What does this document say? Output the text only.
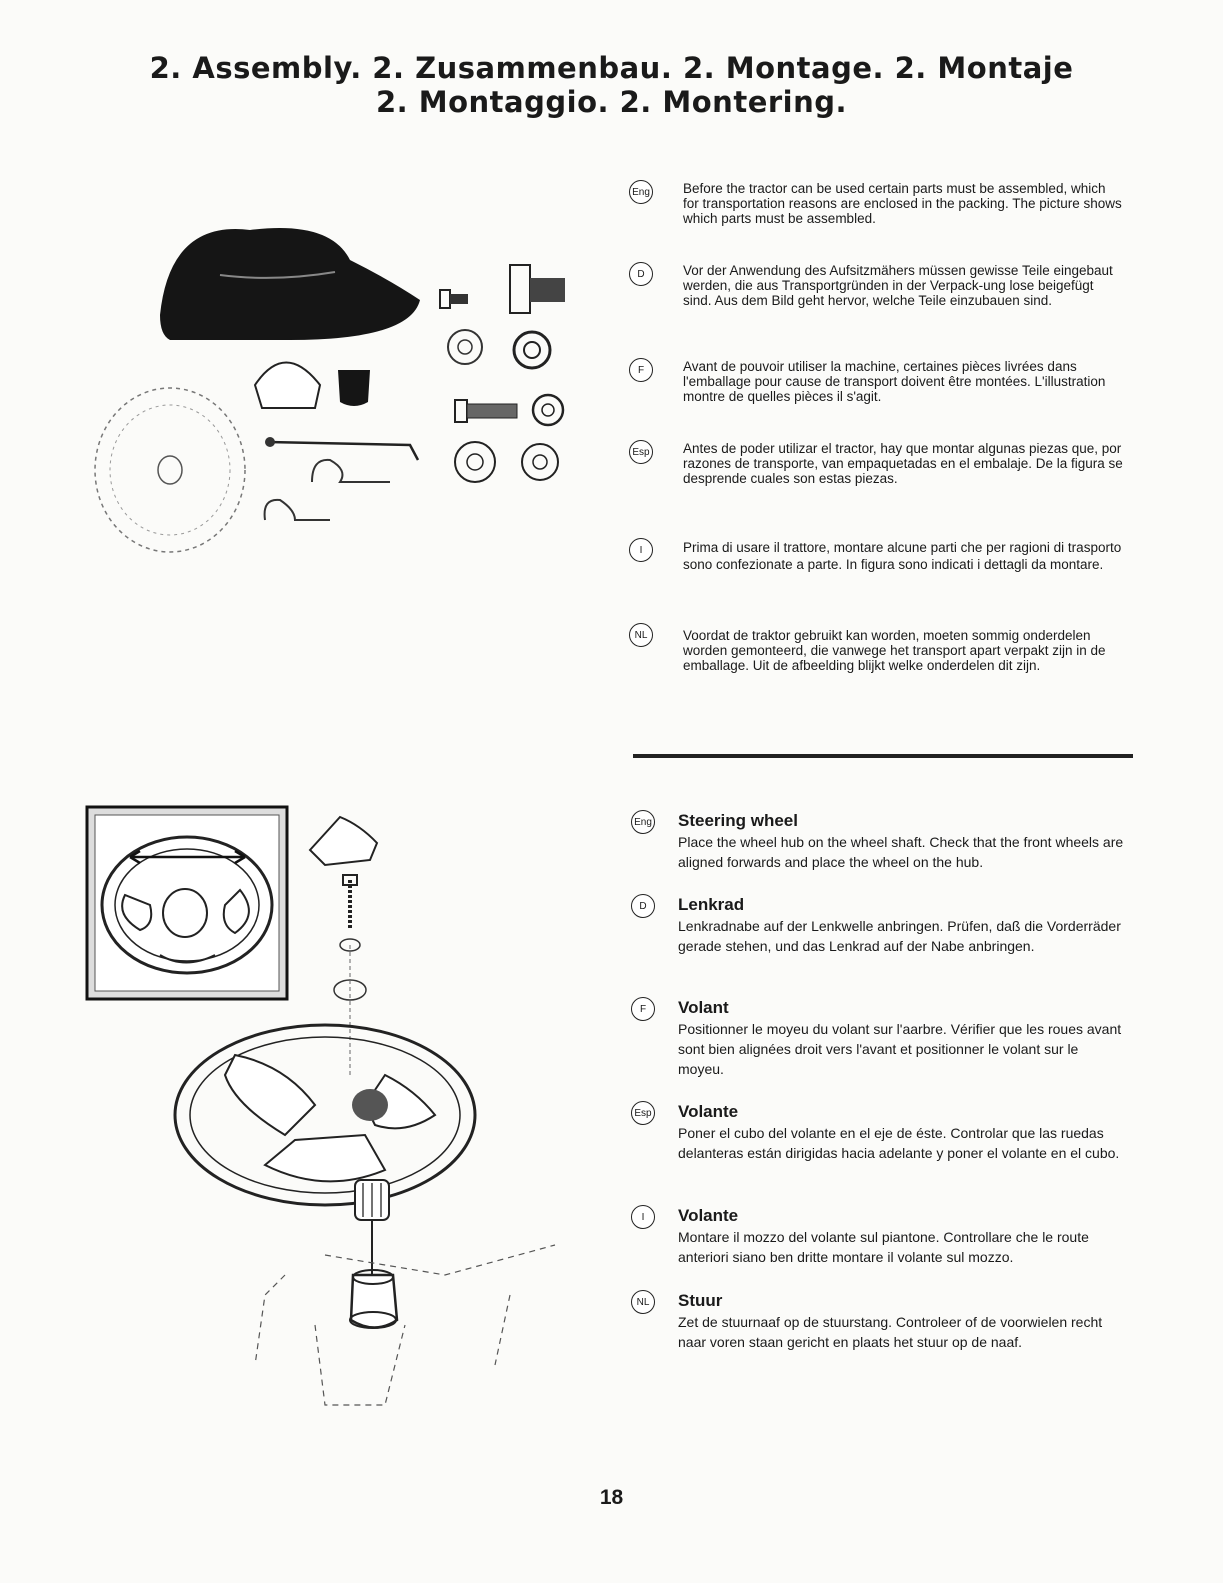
2. Assembly. 2. Zusammenbau. 2. Montage. 2. Montaje
2. Montaggio. 2. Montering.
Eng Before the tractor can be used certain parts must be assembled, which for transportation reasons are enclosed in the packing. The picture shows which parts must be assembled.
D	Vor der Anwendung des Aufsitzmähers müssen gewisse Teile eingebaut werden, die aus Transportgründen in der Verpack-ung lose beigefügt sind. Aus dem Bild geht hervor, welche Teile einzubauen sind.
F	Avant de pouvoir utiliser la machine, certaines pièces livrées dans l'emballage pour cause de transport doivent être montées. L'illustration montre de quelles pièces il s'agit.
Esp Antes de poder utilizar el tractor, hay que montar algunas piezas que, por razones de transporte, van empaquetadas en el embalaje. De la figura se desprende cuales son estas piezas.
I	Prima di usare il trattore, montare alcune parti che per ragioni di trasporto sono confezionate a parte. In figura sono indicati i dettagli da montare.
NL	Voordat de traktor gebruikt kan worden, moeten sommig onderdelen worden gemonteerd, die vanwege het transport apart verpakt zijn in de emballage. Uit de afbeelding blijkt welke onderdelen dit zijn.
Eng Steering wheel
Place the wheel hub on the wheel shaft. Check that the front wheels are aligned forwards and place the wheel on the hub.
D	Lenkrad
Lenkradnabe auf der Lenkwelle anbringen. Prüfen, daß die Vorderräder gerade stehen, und das Lenkrad auf der Nabe anbringen.
F	Volant
Positionner le moyeu du volant sur l'aarbre. Vérifier que les roues avant sont bien alignées droit vers l'avant et positionner le volant sur le moyeu.
Esp Volante
Poner el cubo del volante en el eje de éste. Controlar que las ruedas delanteras están dirigidas hacia adelante y poner el volante en el cubo.
I	Volante
Montare il mozzo del volante sul piantone. Controllare che le route anteriori siano ben dritte montare il volante sul mozzo.
NL	Stuur
Zet de stuurnaaf op de stuurstang. Controleer of de voorwielen recht naar voren staan gericht en plaats het stuur op de naaf.
18
